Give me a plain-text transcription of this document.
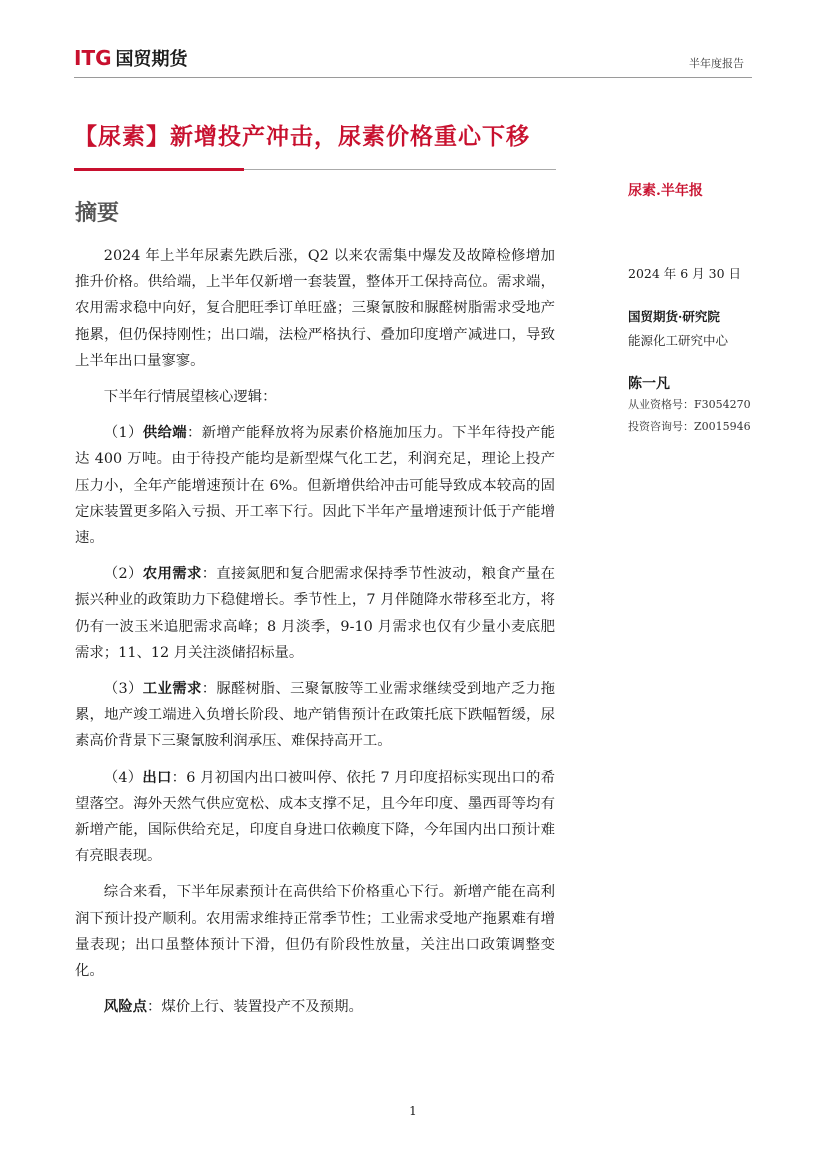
ITG 国贸期货	半年度报告
【尿素】新增投产冲击，尿素价格重心下移
摘要

2024 年上半年尿素先跌后涨，Q2 以来农需集中爆发及故障检修增加推升价格。供给端，上半年仅新增一套装置，整体开工保持高位。需求端，农用需求稳中向好，复合肥旺季订单旺盛；三聚氰胺和脲醛树脂需求受地产拖累，但仍保持刚性；出口端，法检严格执行、叠加印度增产减进口，导致上半年出口量寥寥。

下半年行情展望核心逻辑：

（1）供给端：新增产能释放将为尿素价格施加压力。下半年待投产能达 400 万吨。由于待投产能均是新型煤气化工艺，利润充足，理论上投产压力小，全年产能增速预计在 6%。但新增供给冲击可能导致成本较高的固定床装置更多陷入亏损、开工率下行。因此下半年产量增速预计低于产能增速。

（2）农用需求：直接氮肥和复合肥需求保持季节性波动，粮食产量在振兴种业的政策助力下稳健增长。季节性上，7 月伴随降水带移至北方，将仍有一波玉米追肥需求高峰；8 月淡季，9-10 月需求也仅有少量小麦底肥需求；11、12 月关注淡储招标量。

（3）工业需求：脲醛树脂、三聚氰胺等工业需求继续受到地产乏力拖累，地产竣工端进入负增长阶段、地产销售预计在政策托底下跌幅暂缓，尿素高价背景下三聚氰胺利润承压、难保持高开工。

（4）出口：6 月初国内出口被叫停、依托 7 月印度招标实现出口的希望落空。海外天然气供应宽松、成本支撑不足，且今年印度、墨西哥等均有新增产能，国际供给充足，印度自身进口依赖度下降，今年国内出口预计难有亮眼表现。

综合来看，下半年尿素预计在高供给下价格重心下行。新增产能在高利润下预计投产顺利。农用需求维持正常季节性；工业需求受地产拖累难有增量表现；出口虽整体预计下滑，但仍有阶段性放量，关注出口政策调整变化。

风险点：煤价上行、装置投产不及预期。

尿素.半年报
2024 年 6 月 30 日
国贸期货·研究院
能源化工研究中心
陈一凡
从业资格号：F3054270
投资咨询号：Z0015946
1
